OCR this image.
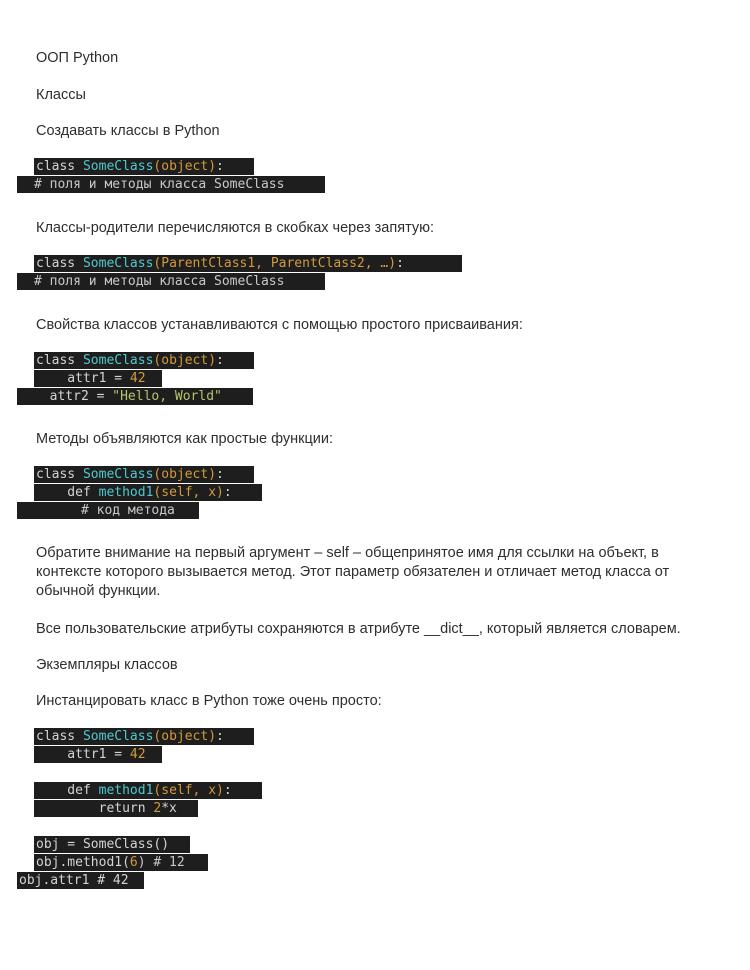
ООП Python

Классы

Создавать классы в Python

class SomeClass(object):
# поля и методы класса SomeClass

Классы-родители перечисляются в скобках через запятую:

class SomeClass(ParentClass1, ParentClass2, …):
# поля и методы класса SomeClass

Свойства классов устанавливаются с помощью простого присваивания:

class SomeClass(object):
attr1 = 42
attr2 = "Hello, World"

Методы объявляются как простые функции:

class SomeClass(object):
def method1(self, x):
# код метода
Обратите внимание на первый аргумент – self – общепринятое имя для ссылки на объект, в
контексте которого вызывается метод. Этот параметр обязателен и отличает метод класса от
обычной функции.

Все пользовательские атрибуты сохраняются в атрибуте __dict__, который является словарем.

Экземпляры классов

Инстанцировать класс в Python тоже очень просто:

class SomeClass(object):
attr1 = 42
def method1(self, x):
return 2*x
obj = SomeClass()
obj.method1(6) # 12
obj.attr1 # 42
